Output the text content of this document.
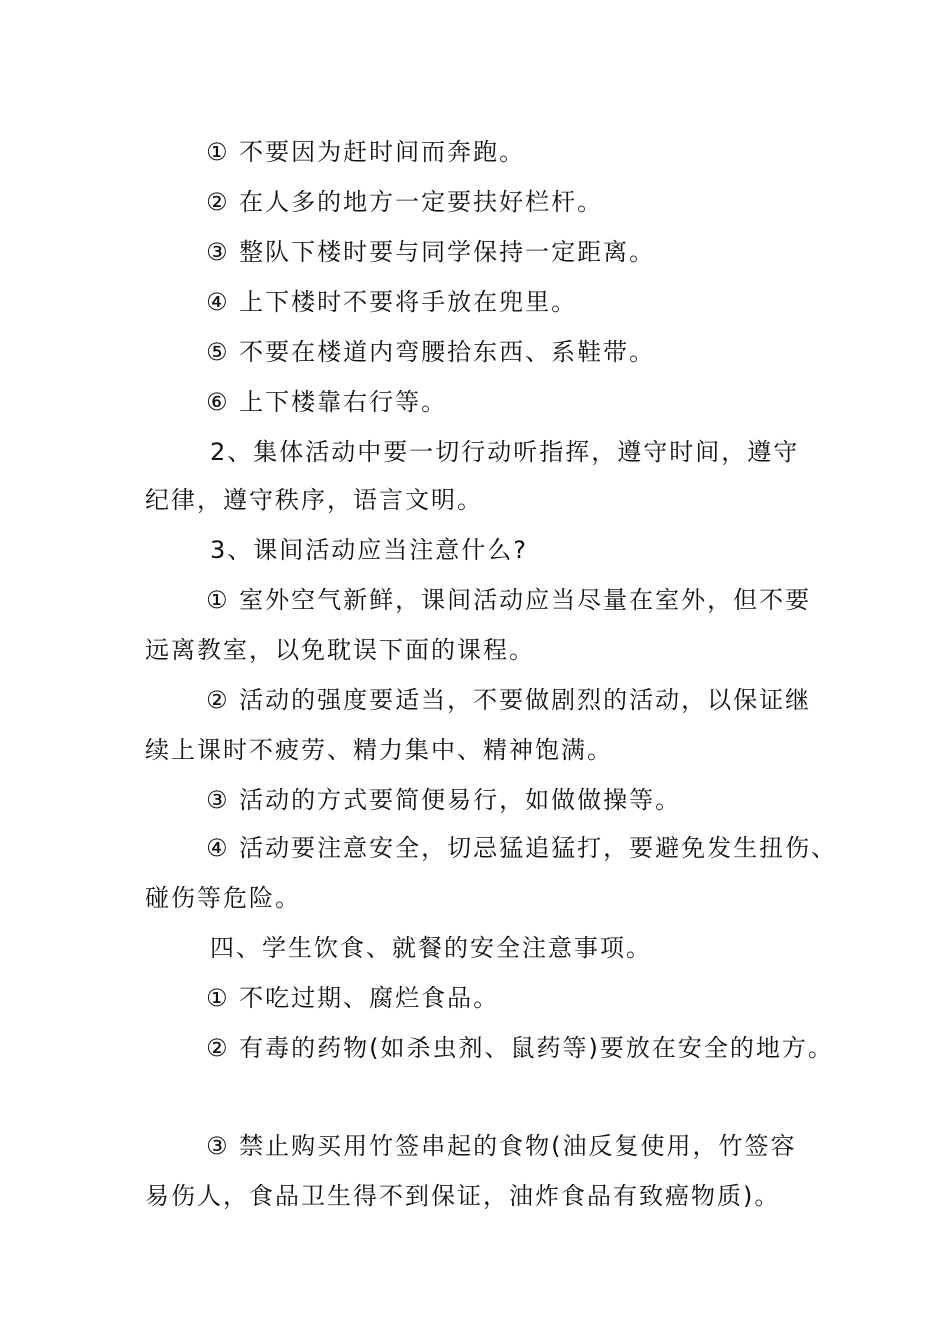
① 不要因为赶时间而奔跑。
② 在人多的地方一定要扶好栏杆。
③ 整队下楼时要与同学保持一定距离。
④ 上下楼时不要将手放在兜里。
⑤ 不要在楼道内弯腰拾东西、系鞋带。
⑥ 上下楼靠右行等。
2、集体活动中要一切行动听指挥，遵守时间，遵守
纪律，遵守秩序，语言文明。
3、课间活动应当注意什么?
① 室外空气新鲜，课间活动应当尽量在室外，但不要
远离教室，以免耽误下面的课程。
② 活动的强度要适当，不要做剧烈的活动，以保证继
续上课时不疲劳、精力集中、精神饱满。
③ 活动的方式要简便易行，如做做操等。
④ 活动要注意安全，切忌猛追猛打，要避免发生扭伤、
碰伤等危险。
四、学生饮食、就餐的安全注意事项。
① 不吃过期、腐烂食品。
② 有毒的药物(如杀虫剂、鼠药等)要放在安全的地方。
③ 禁止购买用竹签串起的食物(油反复使用，竹签容
易伤人，食品卫生得不到保证，油炸食品有致癌物质)。
